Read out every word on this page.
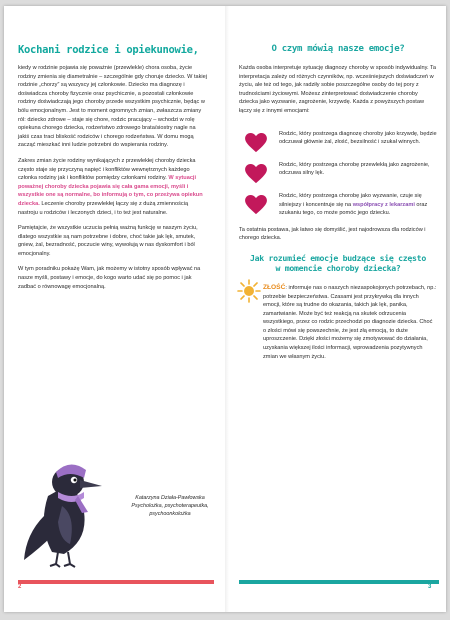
Kochani rodzice i opiekunowie,

kiedy w rodzinie pojawia się poważnie (przewlekle) chora osoba, życie rodziny zmienia się diametralnie – szczególnie gdy choruje dziecko. W takiej rodzinie „chorzy” są wszyscy jej członkowie. Dziecko ma diagnozę i doświadcza choroby fizycznie oraz psychicznie, a pozostali członkowie rodziny doświadczają jego choroby przede wszystkim psychicznie, będąc w bólu emocjonalnym. Jest to moment ogromnych zmian, zwłaszcza zmiany ról: dziecko zdrowe – staje się chore, rodzic pracujący – wchodzi w rolę opiekuna chorego dziecka, rodzeństwo zdrowego brata/siostry nagle na jakiś czas traci bliskość rodziców i chorego rodzeństwa. W domu mogą zacząć mieszkać inni ludzie potrzebni do wspierania rodziny.

Zakres zmian życie rodziny wynikających z przewlekłej choroby dziecka często staje się przyczyną napięć i konfliktów wewnętrznych każdego członka rodziny jak i konfliktów pomiędzy członkami rodziny. W sytuacji poważnej choroby dziecka pojawia się cała gama emocji, myśli i wszystkie one są normalne, bo informują o tym, co przeżywa opiekun dziecka. Leczenie choroby przewlekłej łączy się z dużą zmiennością nastroju u rodziców i leczonych dzieci, i to też jest naturalne.

Pamiętajcie, że wszystkie uczucia pełnią ważną funkcję w naszym życiu, dlatego wszystkie są nam potrzebne i dobre, choć takie jak lęk, smutek, gniew, żal, bezradność, poczucie winy, wywołują w nas dyskomfort i ból emocjonalny.

W tym poradniku pokażę Wam, jak możemy w istotny sposób wpływać na nasze myśli, postawy i emocje, do kogo warto udać się po pomoc i jak zadbać o równowagę emocjonalną.

Katarzyna Działa-Pawłowska
Psycholożka, psychoterapeutka, psychoonkolożka
2
O czym mówią nasze emocje?

Każda osoba interpretuje sytuację diagnozy choroby w sposób indywidualny. Ta interpretacja zależy od różnych czynników, np. wcześniejszych doświadczeń w życiu, ale też od tego, jak radziły sobie poszczególne osoby do tej pory z trudnościami życiowymi. Możesz zinterpretować doświadczenie choroby dziecka jako wyzwanie, zagrożenie, krzywdę. Każda z powyższych postaw łączy się z innymi emocjami:

Rodzic, który postrzega diagnozę choroby jako krzywdę, będzie odczuwał głównie żal, złość, bezsilność i szukał winnych.

Rodzic, który postrzega chorobę przewlekłą jako zagrożenie, odczuwa silny lęk.

Rodzic, który postrzega chorobę jako wyzwanie, czuje się silniejszy i koncentruje się na współpracy z lekarzami oraz szukaniu tego, co może pomóc jego dziecku.

Ta ostatnia postawa, jak łatwo się domyślić, jest najodrowsza dla rodziców i chorego dziecka.

Jak rozumieć emocje budzące się często
w momencie choroby dziecka?

ZŁOŚĆ: informuje nas o naszych niezaspokojonych potrzebach, np.: potrzebie bezpieczeństwa. Czasami jest przykrywką dla innych emocji, które są trudne do okazania, takich jak lęk, panika, zamartwianie. Może być też reakcją na skutek odrzucenia wszystkiego, przez co rodzic przechodzi po diagnozie dziecka. Choć o złości mówi się powszechnie, że jest złą emocją, to duże uproszczenie. Dzięki złości możemy się zmotywować do działania, uzyskania większej ilości informacji, wprowadzenia pozytywnych zmian we własnym życiu.

3
